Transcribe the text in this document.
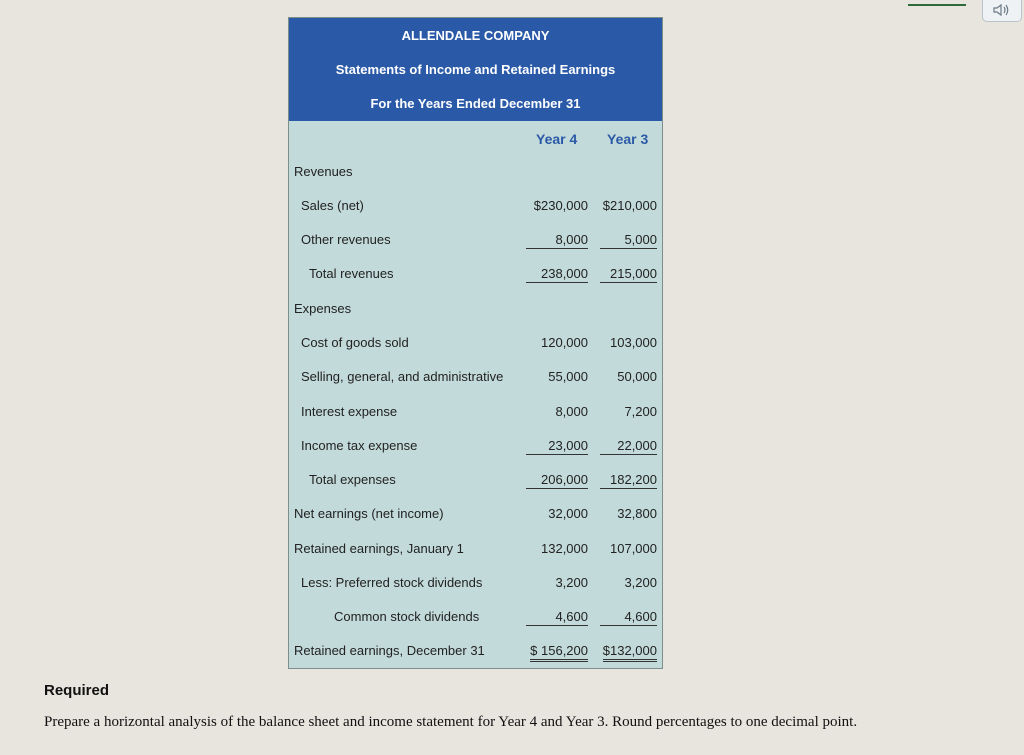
ALLENDALE COMPANY
Statements of Income and Retained Earnings
For the Years Ended December 31
Year 4 Year 3
Revenues
Sales (net)	$230,000 $210,000
Other revenues	8,000	5,000
Total revenues	238,000	215,000
Expenses
Cost of goods sold	120,000 103,000
Selling, general, and administrative	55,000 50,000
Interest expense	8,000	7,200
Income tax expense	23,000	22,000
Total expenses	206,000	182,200
Net earnings (net income)	32,000 32,800
Retained earnings, January 1	132,000 107,000
Less: Preferred stock dividends	3,200	3,200
Common stock dividends	4,600	4,600
Retained earnings, December 31	$ 156,200 $132,000
Required
Prepare a horizontal analysis of the balance sheet and income statement for Year 4 and Year 3. Round percentages to one decimal point.
